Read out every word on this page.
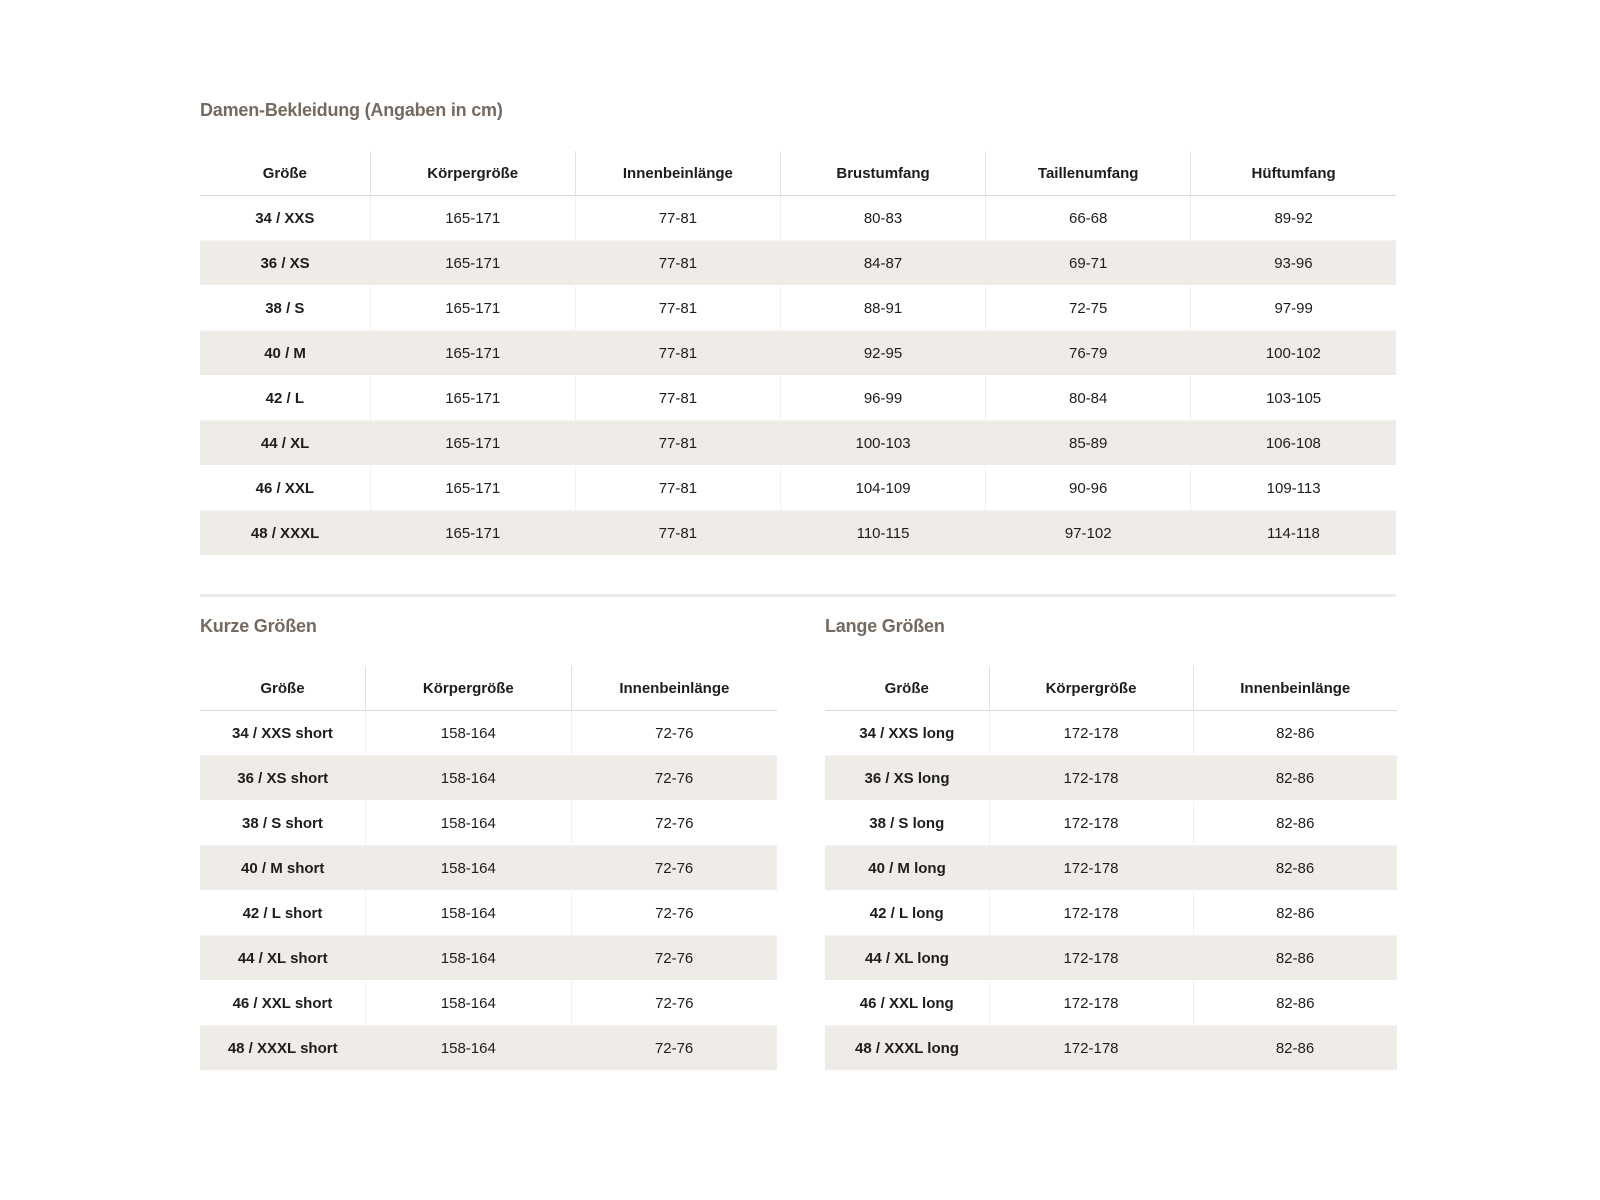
Damen-Bekleidung (Angaben in cm)
Größe	Körpergröße	Innenbeinlänge	Brustumfang	Taillenumfang	Hüftumfang
34 / XXS	165-171	77-81	80-83	66-68	89-92
36 / XS	165-171	77-81	84-87	69-71	93-96
38 / S	165-171	77-81	88-91	72-75	97-99
40 / M	165-171	77-81	92-95	76-79	100-102
42 / L	165-171	77-81	96-99	80-84	103-105
44 / XL	165-171	77-81	100-103	85-89	106-108
46 / XXL	165-171	77-81	104-109	90-96	109-113
48 / XXXL	165-171	77-81	110-115	97-102	114-118
Kurze Größen
Größe	Körpergröße	Innenbeinlänge
34 / XXS short	158-164	72-76
36 / XS short	158-164	72-76
38 / S short	158-164	72-76
40 / M short	158-164	72-76
42 / L short	158-164	72-76
44 / XL short	158-164	72-76
46 / XXL short	158-164	72-76
48 / XXXL short	158-164	72-76
Lange Größen
Größe	Körpergröße	Innenbeinlänge
34 / XXS long	172-178	82-86
36 / XS long	172-178	82-86
38 / S long	172-178	82-86
40 / M long	172-178	82-86
42 / L long	172-178	82-86
44 / XL long	172-178	82-86
46 / XXL long	172-178	82-86
48 / XXXL long	172-178	82-86
